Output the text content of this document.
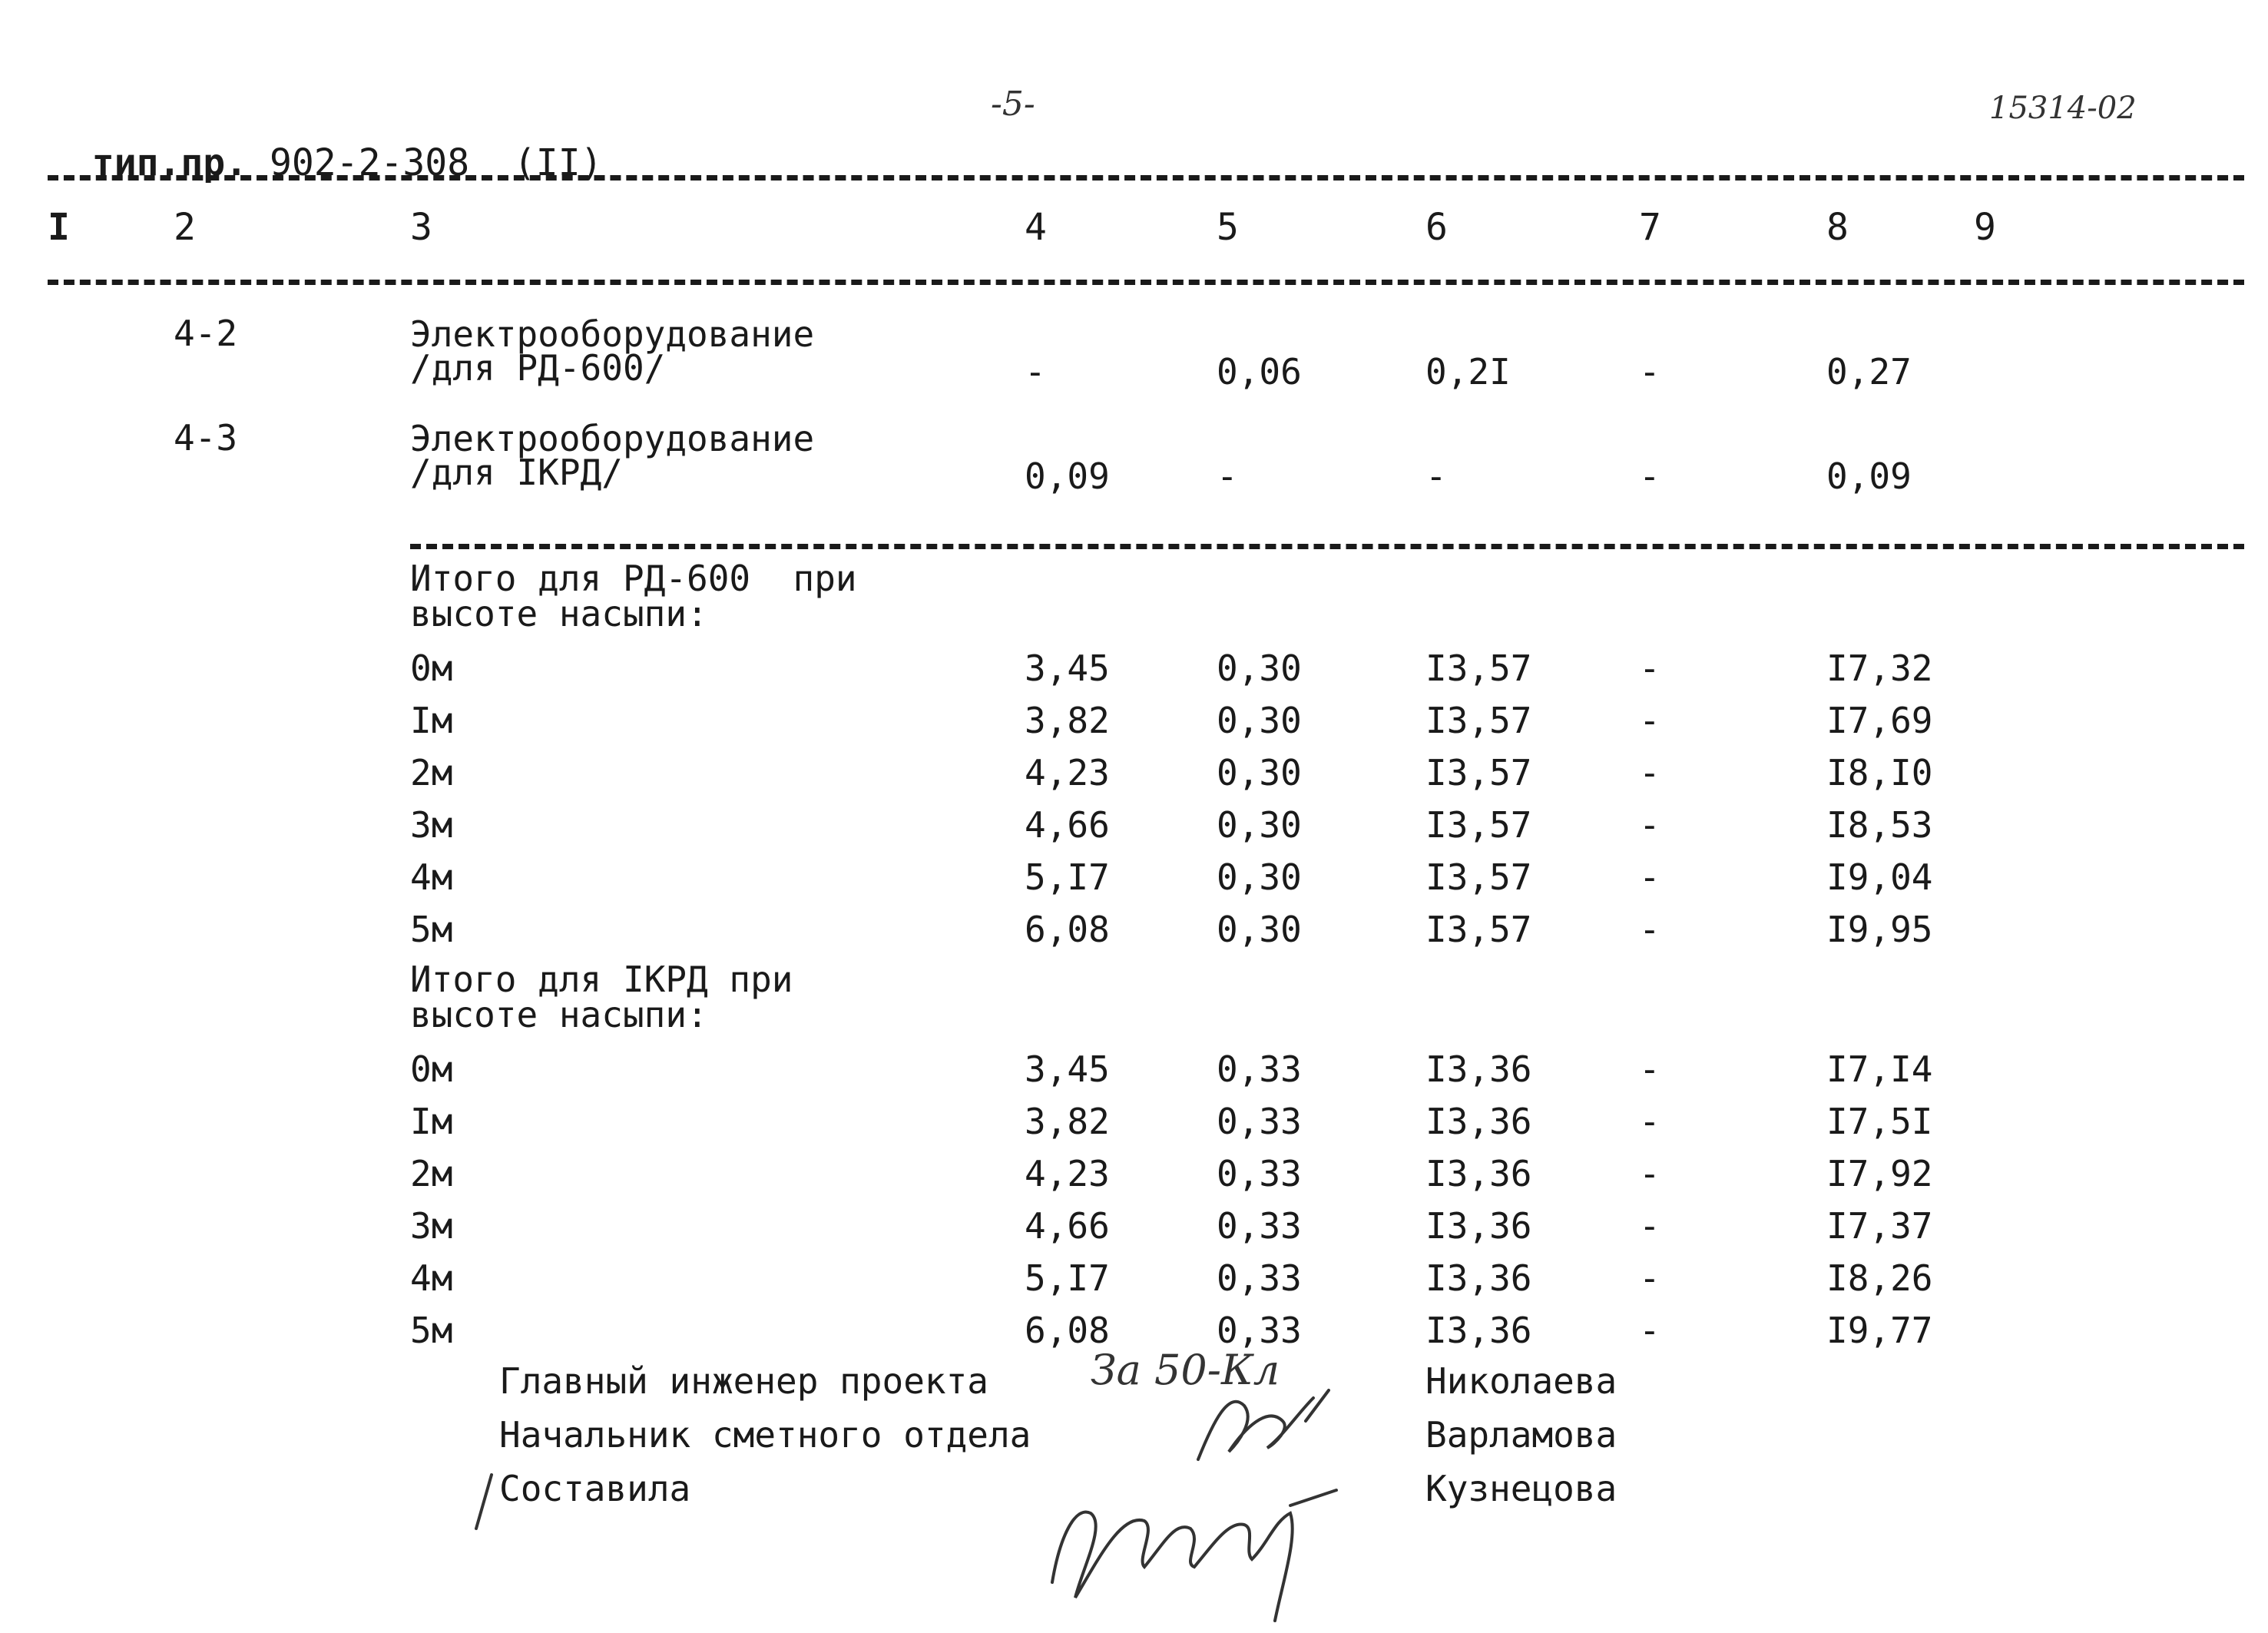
тип.пр. 902-2-308 (II)

-5-	15314-02
I	2	3	4	5	6	7	8	9
4-2	Электрооборудование
/для РД-600/	-	0,06	0,2I	-	0,27
4-3	Электрооборудование
/для IКРД/	0,09	-	-	-	0,09
Итого для РД-600  при
высоте насыпи:
0м	3,45	0,30	I3,57	-	I7,32
Iм	3,82	0,30	I3,57	-	I7,69
2м	4,23	0,30	I3,57	-	I8,I0
3м	4,66	0,30	I3,57	-	I8,53
4м	5,I7	0,30	I3,57	-	I9,04
5м	6,08	0,30	I3,57	-	I9,95
Итого для IКРД при
высоте насыпи:
0м	3,45	0,33	I3,36	-	I7,I4
Iм	3,82	0,33	I3,36	-	I7,5I
2м	4,23	0,33	I3,36	-	I7,92
3м	4,66	0,33	I3,36	-	I7,37
4м	5,I7	0,33	I3,36	-	I8,26
5м	6,08	0,33	I3,36	-	I9,77
Главный инженер проекта	Николаева
За 50-Кл
Начальник сметного отдела	Варламова
Составила	Кузнецова
